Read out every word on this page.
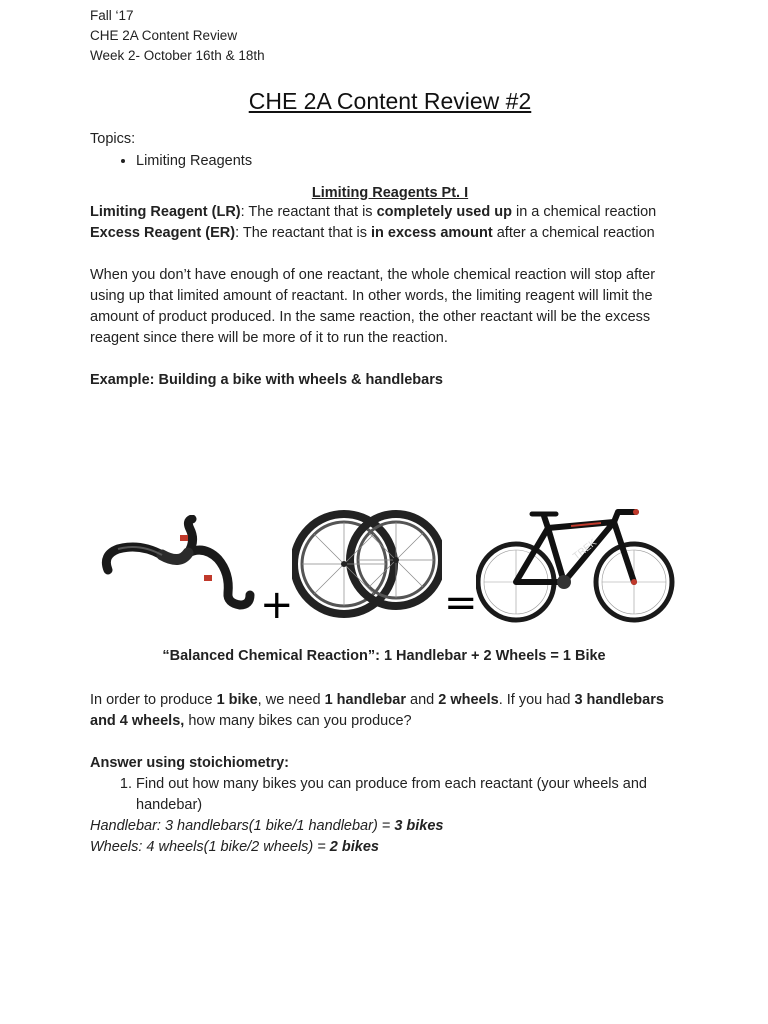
Fall ‘17
CHE 2A Content Review
Week 2- October 16th & 18th
CHE 2A Content Review #2

Topics:

• Limiting Reagents
Limiting Reagents Pt. I

Limiting Reagent (LR): The reactant that is completely used up in a chemical reaction

Excess Reagent (ER): The reactant that is in excess amount after a chemical reaction

When you don’t have enough of one reactant, the whole chemical reaction will stop after using up that limited amount of reactant. In other words, the limiting reagent will limit the amount of product produced. In the same reaction, the other reactant will be the excess reagent since there will be more of it to run the reaction.

Example: Building a bike with wheels & handlebars

+	=
TREK
“Balanced Chemical Reaction”: 1 Handlebar + 2 Wheels = 1 Bike

In order to produce 1 bike, we need 1 handlebar and 2 wheels. If you had 3 handlebars and 4 wheels, how many bikes can you produce?

Answer using stoichiometry:

1. Find out how many bikes you can produce from each reactant (your wheels and handebar)

Handlebar: 3 handlebars(1 bike/1 handlebar) = 3 bikes

Wheels: 4 wheels(1 bike/2 wheels) = 2 bikes
